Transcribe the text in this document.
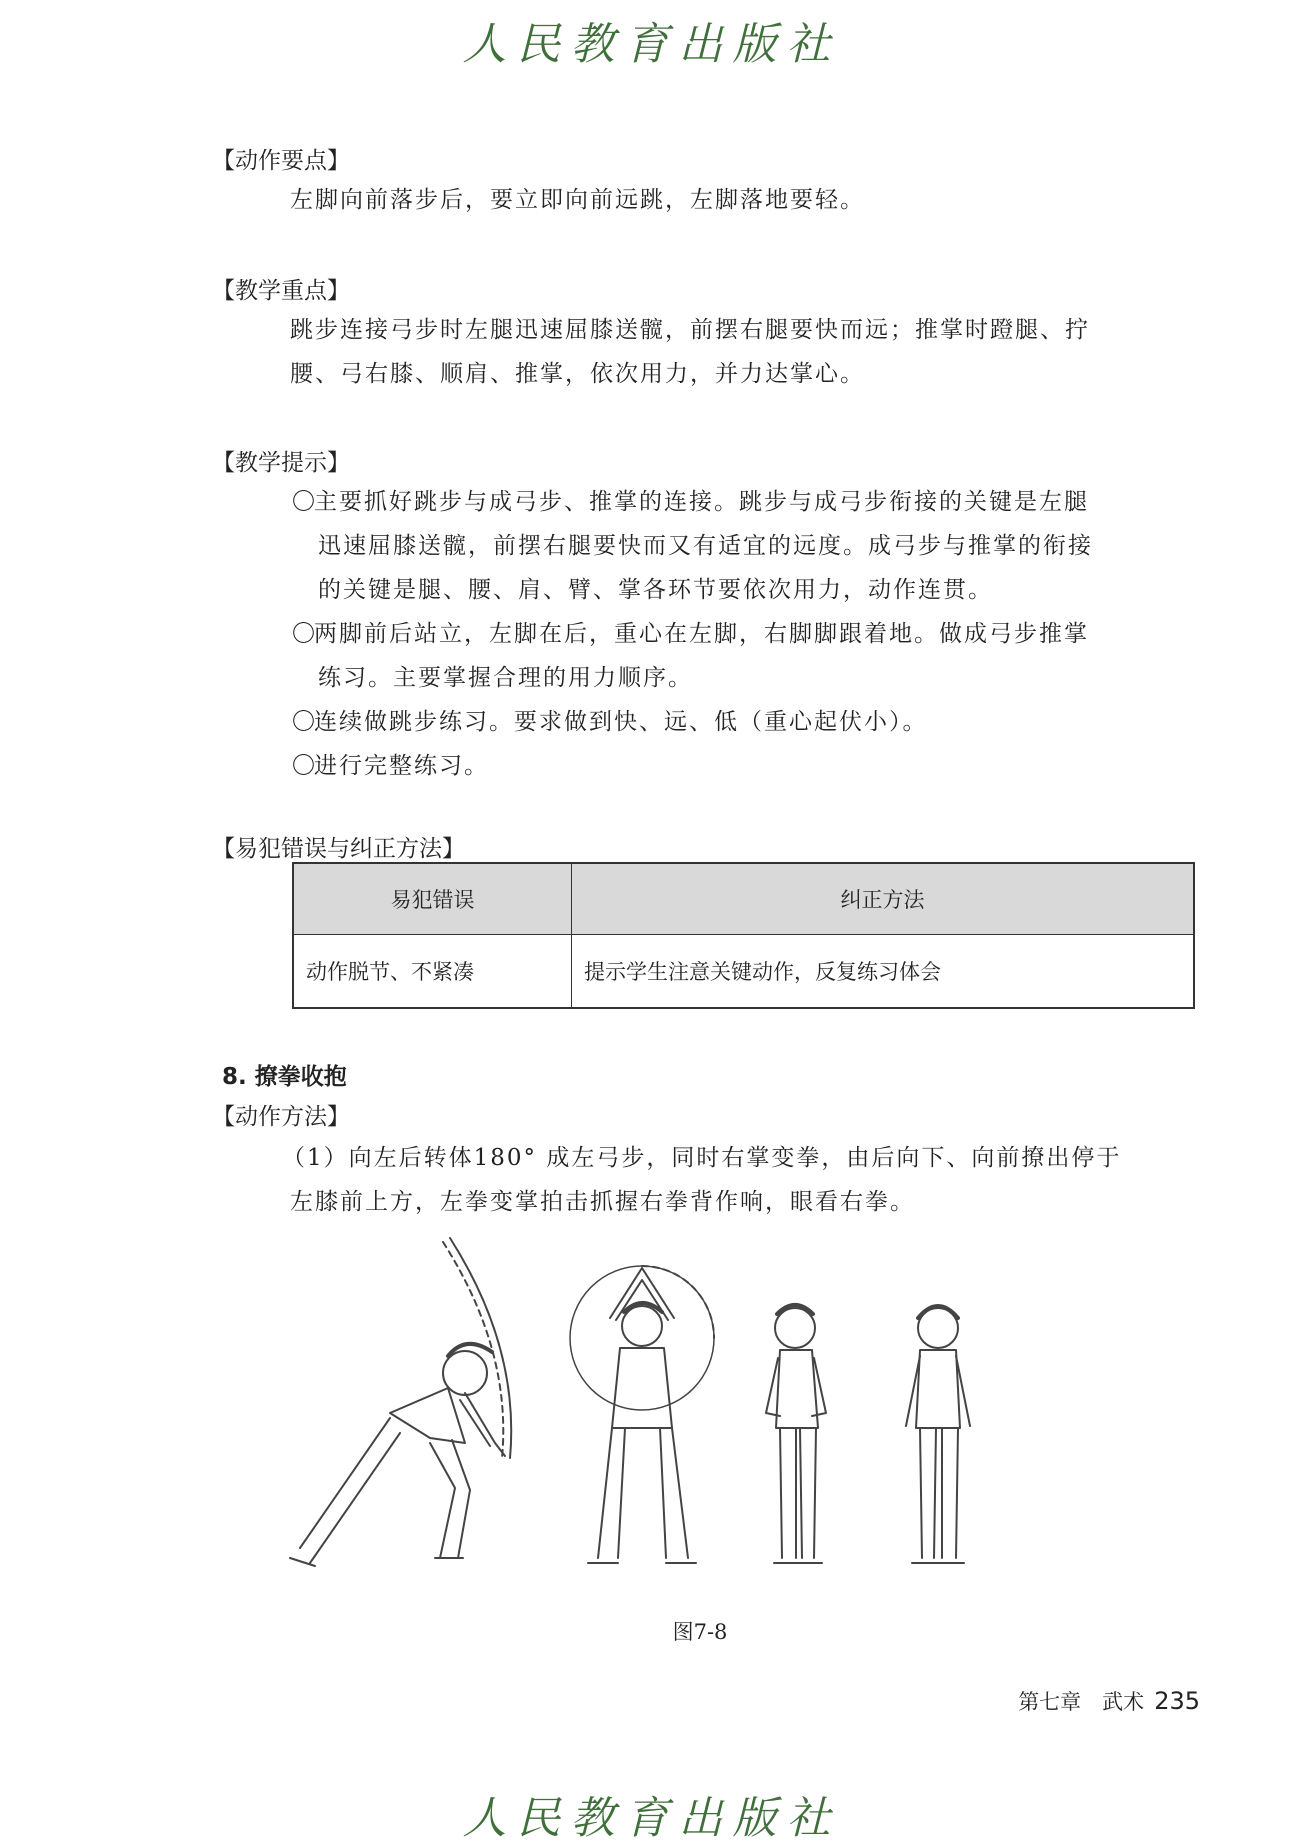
人民教育出版社
【动作要点】
左脚向前落步后，要立即向前远跳，左脚落地要轻。
【教学重点】
跳步连接弓步时左腿迅速屈膝送髋，前摆右腿要快而远；推掌时蹬腿、拧
腰、弓右膝、顺肩、推掌，依次用力，并力达掌心。
【教学提示】
〇主要抓好跳步与成弓步、推掌的连接。跳步与成弓步衔接的关键是左腿
迅速屈膝送髋，前摆右腿要快而又有适宜的远度。成弓步与推掌的衔接
的关键是腿、腰、肩、臂、掌各环节要依次用力，动作连贯。
〇两脚前后站立，左脚在后，重心在左脚，右脚脚跟着地。做成弓步推掌
练习。主要掌握合理的用力顺序。
〇连续做跳步练习。要求做到快、远、低（重心起伏小）。
〇进行完整练习。
【易犯错误与纠正方法】
易犯错误	纠正方法
动作脱节、不紧凑	提示学生注意关键动作，反复练习体会
8. 撩拳收抱
【动作方法】
（1）向左后转体180° 成左弓步，同时右掌变拳，由后向下、向前撩出停于
左膝前上方，左拳变掌拍击抓握右拳背作响，眼看右拳。
图7-8
第七章　武术 235
人民教育出版社
